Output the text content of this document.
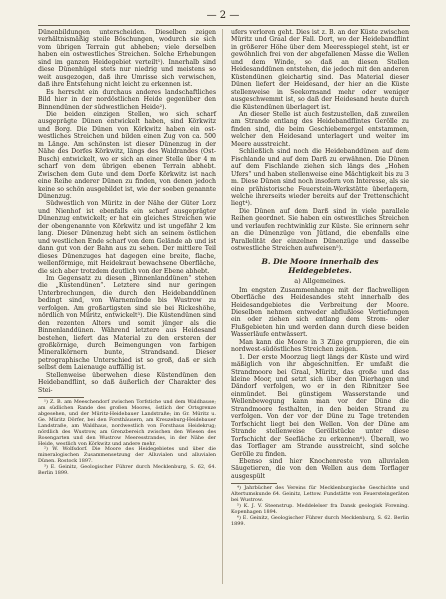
— 2 —

Dünenbildungen unterscheiden. Dieselben zeigen verhältnismäßig steile Böschungen, wodurch sie sich vom übrigen Terrain gut abheben; viele derselben haben ein ostwestliches Streichen. Solche Erhebungen sind im ganzen Heidegebiet verteilt¹). Innerhalb sind diese Dünenhügel stets nur niedrig und meistens so weit ausgezogen, daß ihre Umrisse sich verwischen, daß ihre Entstehung nicht leicht zu erkennen ist.

Es herrscht ein durchaus anderes landschaftliches Bild hier in der nordöstlichen Heide gegenüber den Binnendünen der südwestlichen Heide²).

Die beiden einzigen Stellen, wo sich scharf ausgeprägte Dünen entwickelt haben, sind Körkwitz und Borg. Die Dünen von Körkwitz haben ein ost-westliches Streichen und bilden einen Zug von ca. 500 m Länge. Am schönsten ist dieser Dünenzug in der Nähe des Dorfes Körkwitz, längs des Waldrandes (Ost-Busch) entwickelt, wo er sich an einer Stelle über 4 m scharf von dem übrigen ebenen Terrain abhebt. Zwischen dem Gute und dem Dorfe Körkwitz ist nach eine Reihe anderer Dünen zu finden, von denen jedoch keine so schön ausgebildet ist, wie der soeben genannte Dünenzug.

Südwestlich von Müritz in der Nähe der Güter Lorz und Nienhof ist ebenfalls ein scharf ausgeprägter Dünenzug entwickelt; er hat ein gleiches Streichen wie der obengenannte von Körkwitz und ist ungefähr 2 km lang. Dieser Dünenzug hebt sich an seinem östlichen und westlichen Ende scharf von dem Gelände ab und ist dann gut von der Bahn aus zu sehen. Der mittlere Teil dieses Dünenzuges hat dagegen eine breite, flache, wellenförmige, mit Heidekraut bewachsene Oberfläche, die sich aber trotzdem deutlich von der Ebene abhebt.

Im Gegensatz zu diesen „Binnenlanddünen“ stehen die „Küstendünen“. Letztere sind nur geringen Unterbrechungen, die durch den Heidebanddünen bedingt sind, von Warnemünde bis Wustrow zu verfolgen. Am großartigsten sind sie bei Rickeshöhe, nördlich von Müritz, entwickelt³). Die Küstendünen sind den rezenten Alters und somit jünger als die Binnenlanddünen. Während letztere aus Heidesand bestehen, liefert das Material zu den ersteren der großkörnige, durch Beimengungen von farbigen Mineralkörnern bunte, Strandsand. Dieser petrographische Unterschied ist so groß, daß er sich selbst dem Laienauge auffällig ist.

Stellenweise überwehen diese Küstendünen den Heidebandflint, so daß äußerlich der Charakter des Stei-

¹) Z. B. am Meeschendorf zwischen Torfstiche und dem Waldhause; am südlichen Rande des großen Moores, östlich der Ortsgrenze abgesehen, und der Müritz-Heidebauer Landstraße; im Gr. Müritz u. Ge. Müritz Dörfer, bei den Forsthäusern, am Kreuzeburg-Heidebauer Landstraße, am Waldhaus, nordwestlich von Forsthaus Heidekrug; nördlich des Wustrow, am Grenzbereich zwischen den Wiesen des Rosengarten und den Wustrow Meeresstrandes, in der Nähe der Heide, westlich von Körkwitz und andere mehr.

²) W. Wolfsdorf. Die Moore des Heidegebietes und über die mineralogischen Zusammensetzung der Alluvialen und alluvialen Dünen. Rostock 1897.

³) E. Geinitz, Geologischer Führer durch Mecklenburg, S. 62, 64. Berlin 1899.

ufers verloren geht. Dies ist z. B. an der Küste zwischen Müritz und Graal der Fall. Dort, wo der Heidebandflint in größerer Höhe über dem Meeresspiegel steht, ist er gewöhnlich frei von der abgefallenen Masse die Wellen und dem Winde, so daß an diesen Stellen Heidesanddünen entstehen, die jedoch mit den anderen Küstendünen gleichartig sind. Das Material dieser Dünen liefert der Heidesand, der hier an die Küste stellenweise in Seekornsand mehr oder weniger ausgeschwemmt ist, so daß der Heidesand heute durch die Küstendünen überlagert ist.

An dieser Stelle ist auch festzustellen, daß zuweilen am Strande entlang des Heidebandflintes Gerölle zu finden sind, die beim Geschiebemergel entstammen, welcher den Heidesand unterlagert und weiter im Meere ausstreicht.

Schließlich sind noch die Heidebanddünen auf dem Fischlande und auf dem Darß zu erwähnen. Die Dünen auf dem Fischlande ziehen sich längs des „Hohen Ufers“ und haben stellenweise eine Mächtigkeit bis zu 3 m. Diese Dünen sind noch insofern von Interesse, als sie eine prähistorische Feuerstein-Werkstätte überlagern, welche ihrerseits wieder bereits auf der Trettenschicht liegt⁴).

Die Dünen auf dem Darß sind in viele parallele Reihen geordnet. Sie haben ein ostwestliches Streichen und verlaufen rechtwinklig zur Küste. Sie erinnern sehr an die Dünenzüge von Jütland, die ebenfalls eine Parallelität der einzelnen Dünenzüge und dasselbe ostwestliche Streichen aufweisen⁵).

B. Die Moore innerhalb des Heidegebietes.
a) Allgemeines.

Im engsten Zusammenhange mit der flachwelligen Oberfläche des Heidesandes steht innerhalb des Heidesandgebietes die Verbreitung der Moore. Dieselben nehmen entweder abflußlose Vertiefungen ein oder ziehen sich entlang dem Strom- oder Flußgebieten hin und werden dann durch diese beiden Wasserläufe entwässert.

Man kann die Moore in 3 Züge gruppieren, die ein nordwest-südöstliches Streichen zeigen.

1. Der erste Moorzug liegt längs der Küste und wird mäßiglich von ihr abgeschnitten. Er umfaßt die Strandmoore bei Graal, Müritz, das große und das kleine Moor, und setzt sich über den Dierhagen und Dändorf verfolgen, wo er in den Ribnitzer See einmündet. Bei günstigem Wasserstande und Wellenbewegung kann man vor der Düne die Strandmoore festhalten, in den beiden Strand zu verfolgen. Von der vor der Düne zu Tage tretenden Torfschicht liegt bei den Wellen. Von der Düne am Strande stellenweise Geröllstücke unter diese Torfschicht der Seefläche zu erkennen⁶). Überall, wo das Torflager am Strande ausstreicht, sind solche Gerölle zu finden.

Ebenso sind hier Knochenreste von alluvialen Säugetieren, die von den Wellen aus dem Torflager ausgespült

⁴) Jahrbücher des Vereins für Mecklenburgische Geschichte und Altertumskunde 64. Geinitz, Lettow. Fundstätte von Feuersteingeräten bei Wustrow.

⁵) K. J. V. Steenstrup. Meddelelser fra Dansk geologisk Forening. Kopenhagen 1894.

⁶) E. Geinitz, Geologischer Führer durch Mecklenburg, S. 62. Berlin 1899.
